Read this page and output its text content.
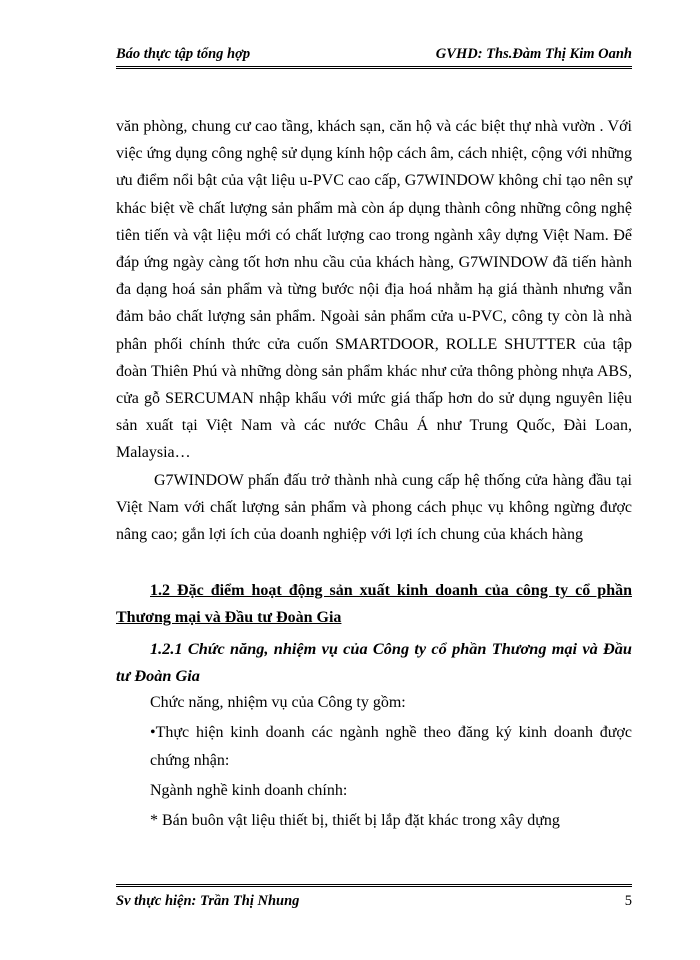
Báo thực tập tổng hợp	GVHD: Ths.Đàm Thị Kim Oanh

văn phòng, chung cư cao tầng, khách sạn, căn hộ và các biệt thự nhà vườn . Với việc ứng dụng công nghệ sử dụng kính hộp cách âm, cách nhiệt, cộng với những ưu điểm nổi bật của vật liệu u-PVC cao cấp, G7WINDOW không chỉ tạo nên sự khác biệt về chất lượng sản phẩm mà còn áp dụng thành công những công nghệ tiên tiến và vật liệu mới có chất lượng cao trong ngành xây dựng Việt Nam. Để đáp ứng ngày càng tốt hơn nhu cầu của khách hàng, G7WINDOW đã tiến hành đa dạng hoá sản phẩm và từng bước nội địa hoá nhằm hạ giá thành nhưng vẫn đảm bảo chất lượng sản phẩm. Ngoài sản phẩm cửa u-PVC, công ty còn là nhà phân phối chính thức cửa cuốn SMARTDOOR, ROLLE SHUTTER của tập đoàn Thiên Phú và những dòng sản phẩm khác như cửa thông phòng nhựa ABS, cửa gỗ SERCUMAN nhập khẩu với mức giá thấp hơn do sử dụng nguyên liệu sản xuất tại Việt Nam và các nước Châu Á như Trung Quốc, Đài Loan, Malaysia…

G7WINDOW phấn đấu trở thành nhà cung cấp hệ thống cửa hàng đầu tại Việt Nam với chất lượng sản phẩm và phong cách phục vụ không ngừng được nâng cao; gắn lợi ích của doanh nghiệp với lợi ích chung của khách hàng

1.2 Đặc điểm hoạt động sản xuất kinh doanh của công ty cổ phần Thương mại và Đầu tư Đoàn Gia

1.2.1 Chức năng, nhiệm vụ của Công ty cổ phần Thương mại và Đầu tư Đoàn Gia

Chức năng, nhiệm vụ của Công ty gồm:

•Thực hiện kinh doanh các ngành nghề theo đăng ký kinh doanh được chứng nhận:

Ngành nghề kinh doanh chính:

* Bán buôn vật liệu thiết bị, thiết bị lắp đặt khác trong xây dựng

Sv thực hiện: Trần Thị Nhung	5
